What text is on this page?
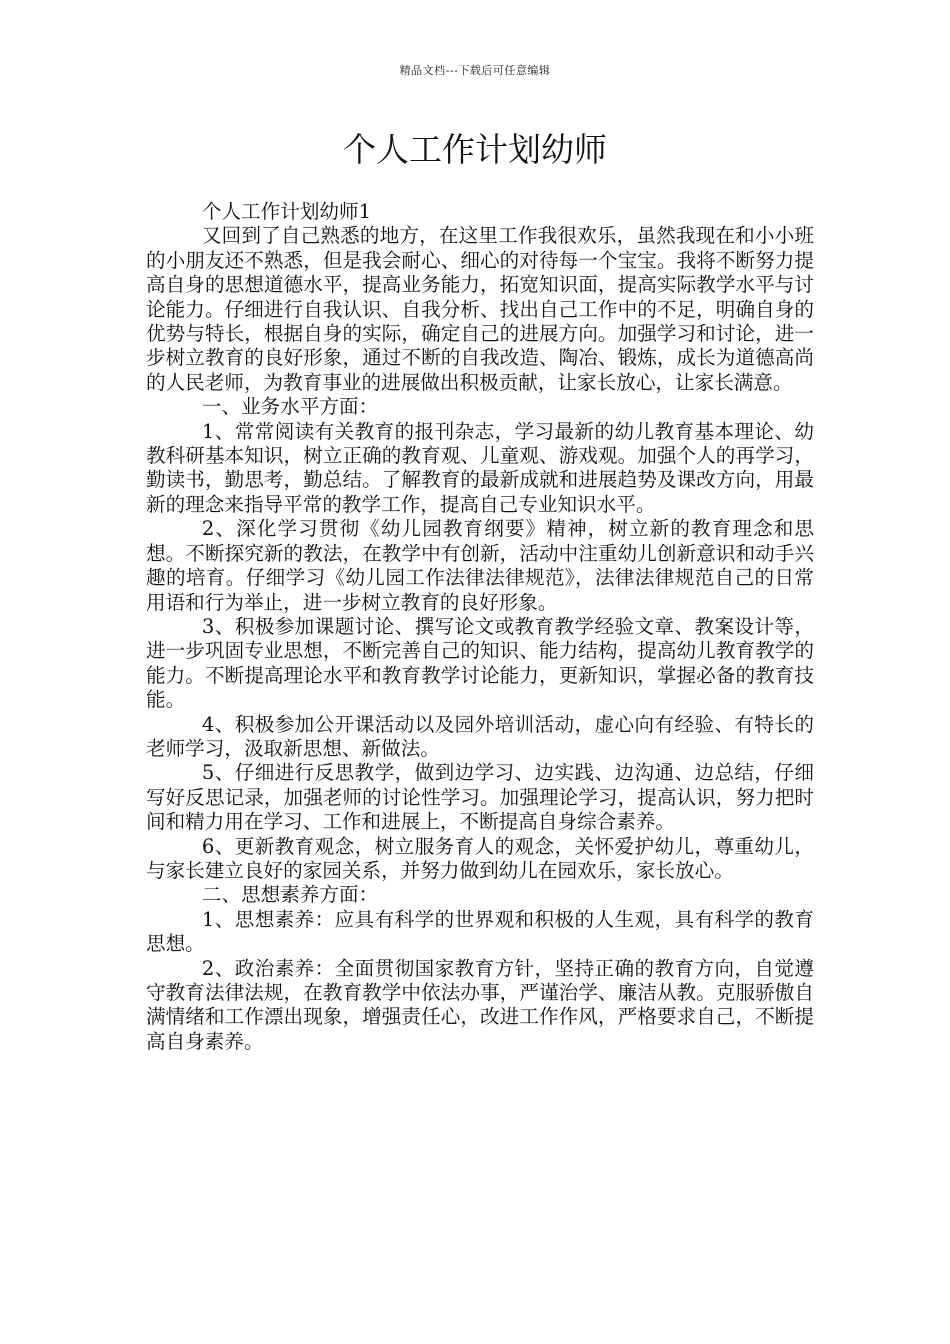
精品文档---下载后可任意编辑
个人工作计划幼师

个人工作计划幼师1

又回到了自己熟悉的地方，在这里工作我很欢乐，虽然我现在和小小班的小朋友还不熟悉，但是我会耐心、细心的对待每一个宝宝。我将不断努力提高自身的思想道德水平，提高业务能力，拓宽知识面，提高实际教学水平与讨论能力。仔细进行自我认识、自我分析、找出自己工作中的不足，明确自身的优势与特长，根据自身的实际，确定自己的进展方向。加强学习和讨论，进一步树立教育的良好形象，通过不断的自我改造、陶冶、锻炼，成长为道德高尚的人民老师，为教育事业的进展做出积极贡献，让家长放心，让家长满意。

一、业务水平方面：

1、常常阅读有关教育的报刊杂志，学习最新的幼儿教育基本理论、幼教科研基本知识，树立正确的教育观、儿童观、游戏观。加强个人的再学习，勤读书，勤思考，勤总结。了解教育的最新成就和进展趋势及课改方向，用最新的理念来指导平常的教学工作，提高自己专业知识水平。

2、深化学习贯彻《幼儿园教育纲要》精神，树立新的教育理念和思想。不断探究新的教法，在教学中有创新，活动中注重幼儿创新意识和动手兴趣的培育。仔细学习《幼儿园工作法律法律规范》，法律法律规范自己的日常用语和行为举止，进一步树立教育的良好形象。

3、积极参加课题讨论、撰写论文或教育教学经验文章、教案设计等，进一步巩固专业思想，不断完善自己的知识、能力结构，提高幼儿教育教学的能力。不断提高理论水平和教育教学讨论能力，更新知识，掌握必备的教育技能。

4、积极参加公开课活动以及园外培训活动，虚心向有经验、有特长的老师学习，汲取新思想、新做法。

5、仔细进行反思教学，做到边学习、边实践、边沟通、边总结，仔细写好反思记录，加强老师的讨论性学习。加强理论学习，提高认识，努力把时间和精力用在学习、工作和进展上，不断提高自身综合素养。

6、更新教育观念，树立服务育人的观念，关怀爱护幼儿，尊重幼儿，与家长建立良好的家园关系，并努力做到幼儿在园欢乐，家长放心。

二、思想素养方面：

1、思想素养：应具有科学的世界观和积极的人生观，具有科学的教育思想。

2、政治素养：全面贯彻国家教育方针，坚持正确的教育方向，自觉遵守教育法律法规，在教育教学中依法办事，严谨治学、廉洁从教。克服骄傲自满情绪和工作漂出现象，增强责任心，改进工作作风，严格要求自己，不断提高自身素养。
